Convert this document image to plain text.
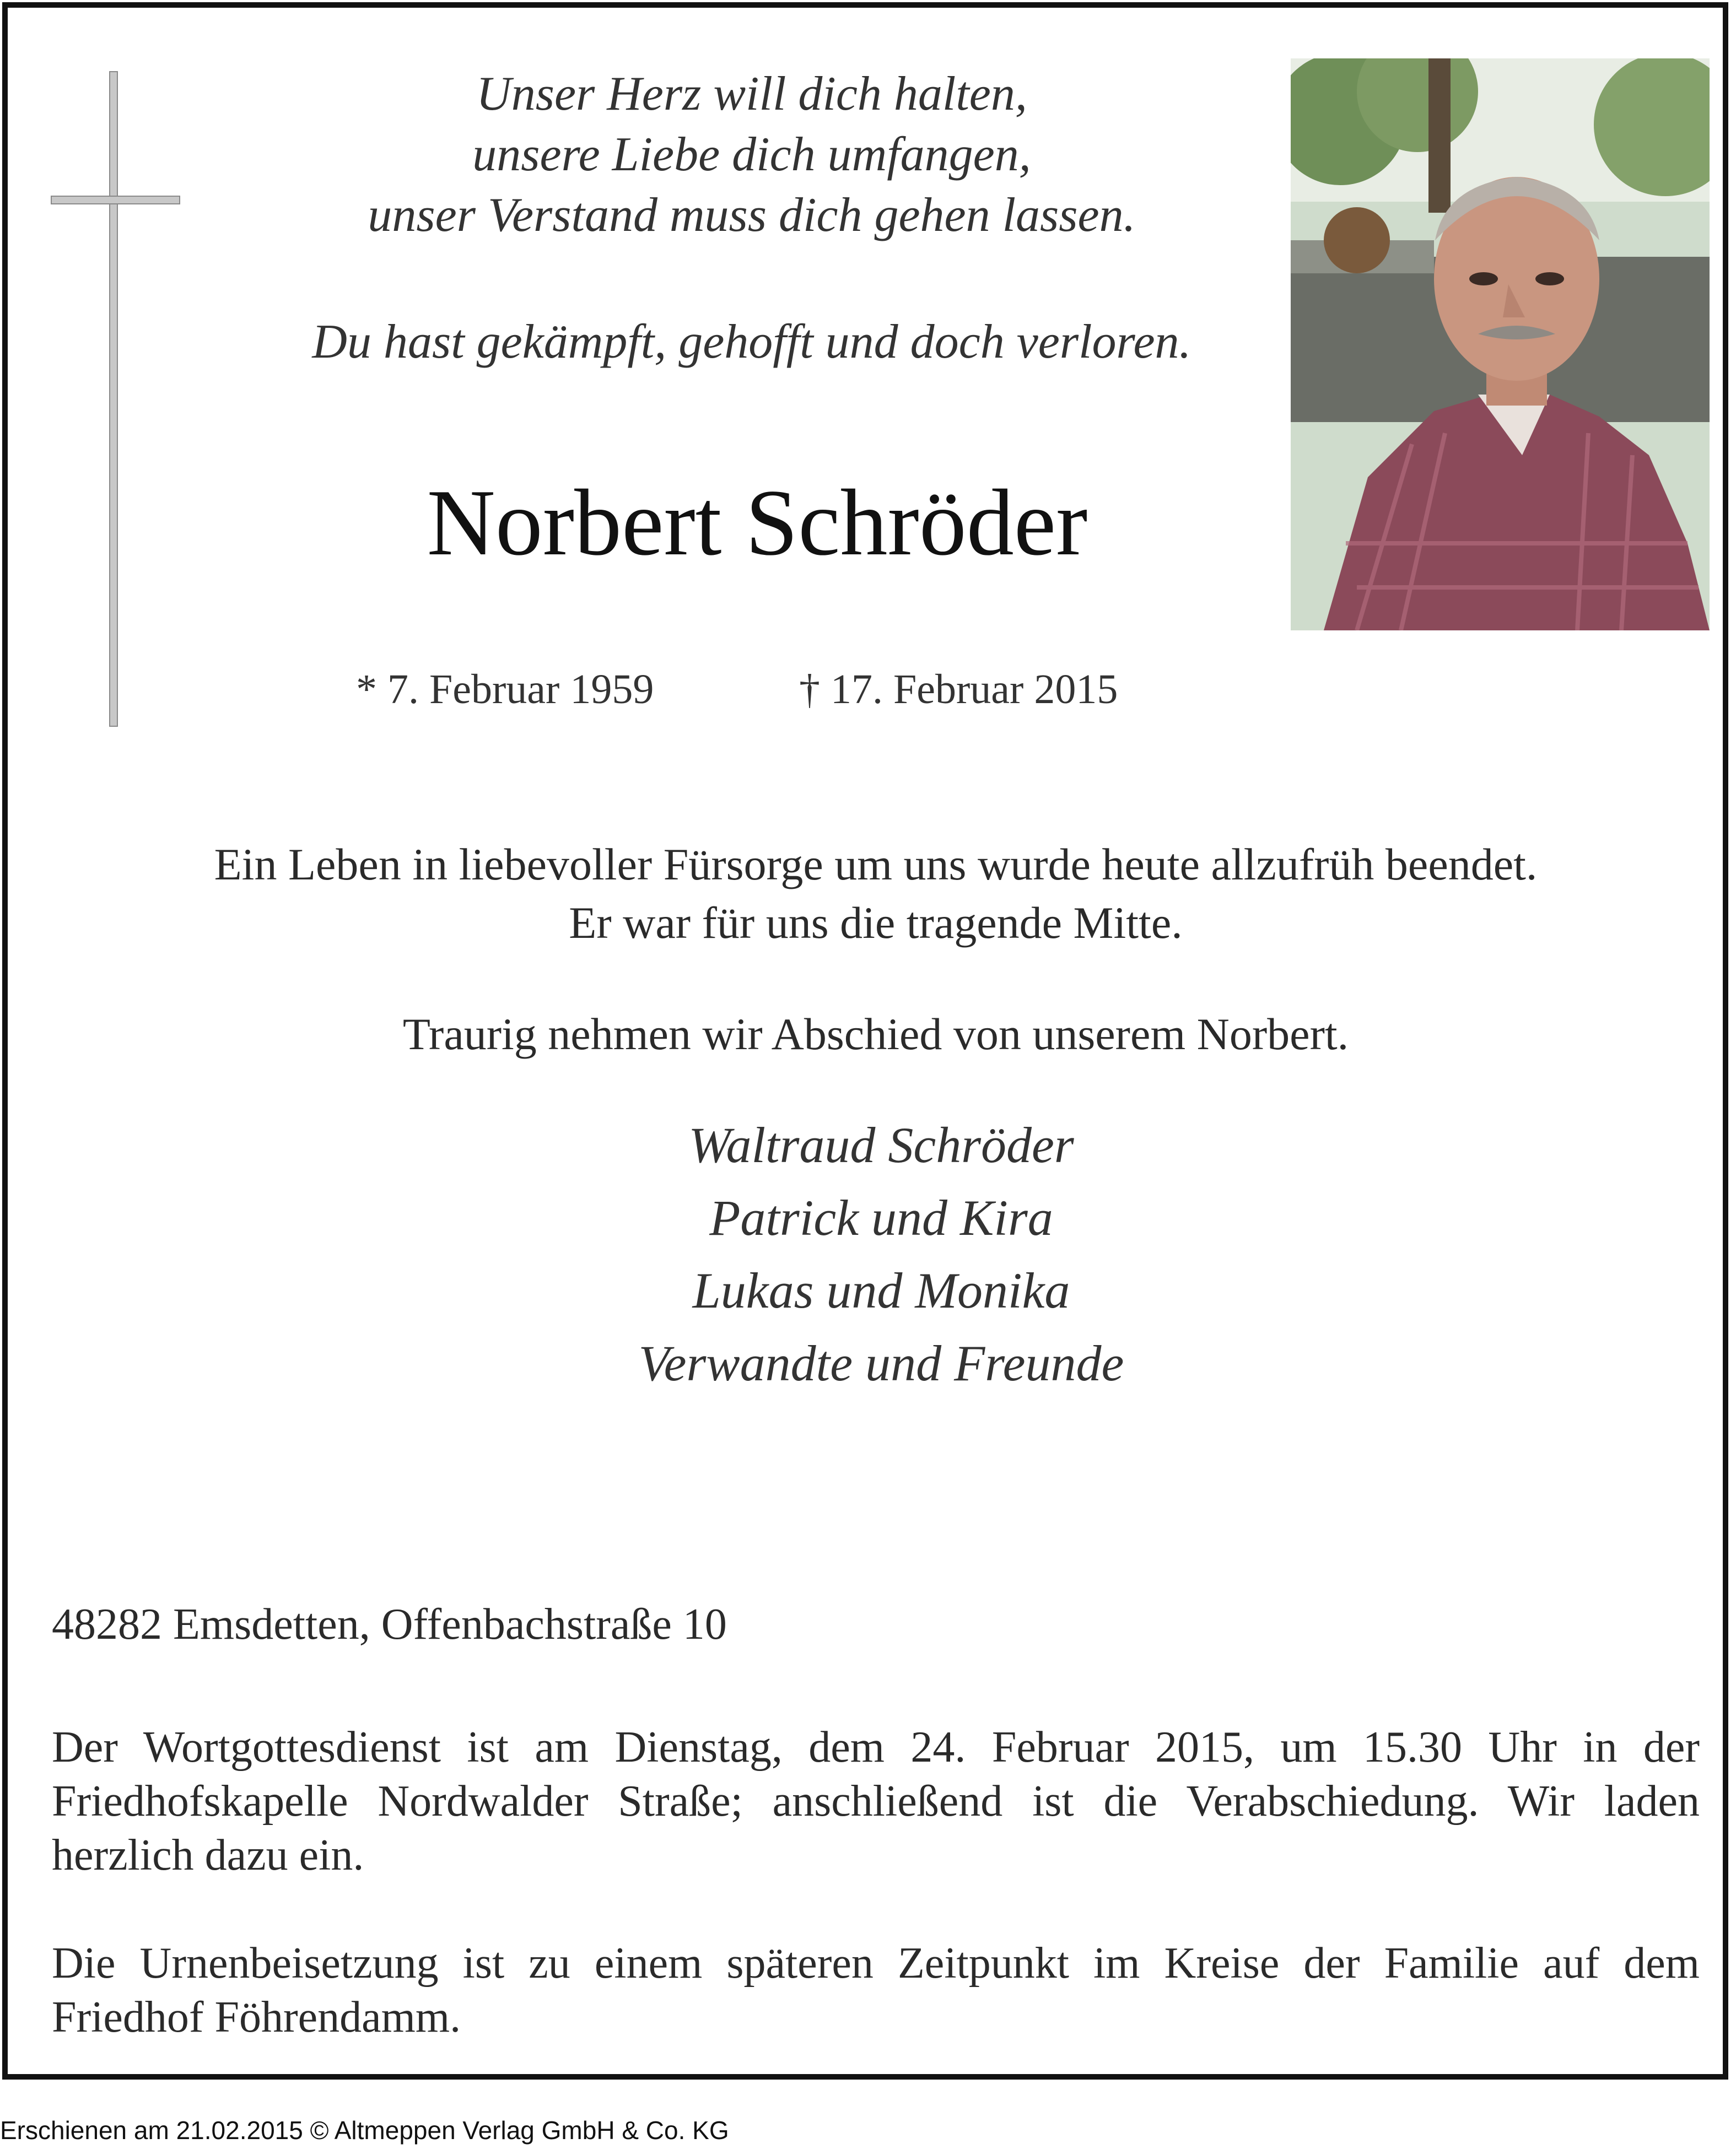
Unser Herz will dich halten,
unsere Liebe dich umfangen,
unser Verstand muss dich gehen lassen.
Du hast gekämpft, gehofft und doch verloren.
Norbert Schröder
* 7. Februar 1959	† 17. Februar 2015
Ein Leben in liebevoller Fürsorge um uns wurde heute allzufrüh beendet.
Er war für uns die tragende Mitte.
Traurig nehmen wir Abschied von unserem Norbert.
Waltraud Schröder
Patrick und Kira
Lukas und Monika
Verwandte und Freunde
48282 Emsdetten, Offenbachstraße 10
Der Wortgottesdienst ist am Dienstag, dem 24. Februar 2015, um 15.30 Uhr in der Friedhofskapelle Nordwalder Straße; anschließend ist die Verabschiedung. Wir laden herzlich dazu ein.
Die Urnenbeisetzung ist zu einem späteren Zeitpunkt im Kreise der Familie auf dem Friedhof Föhrendamm.
Erschienen am 21.02.2015 © Altmeppen Verlag GmbH & Co. KG
